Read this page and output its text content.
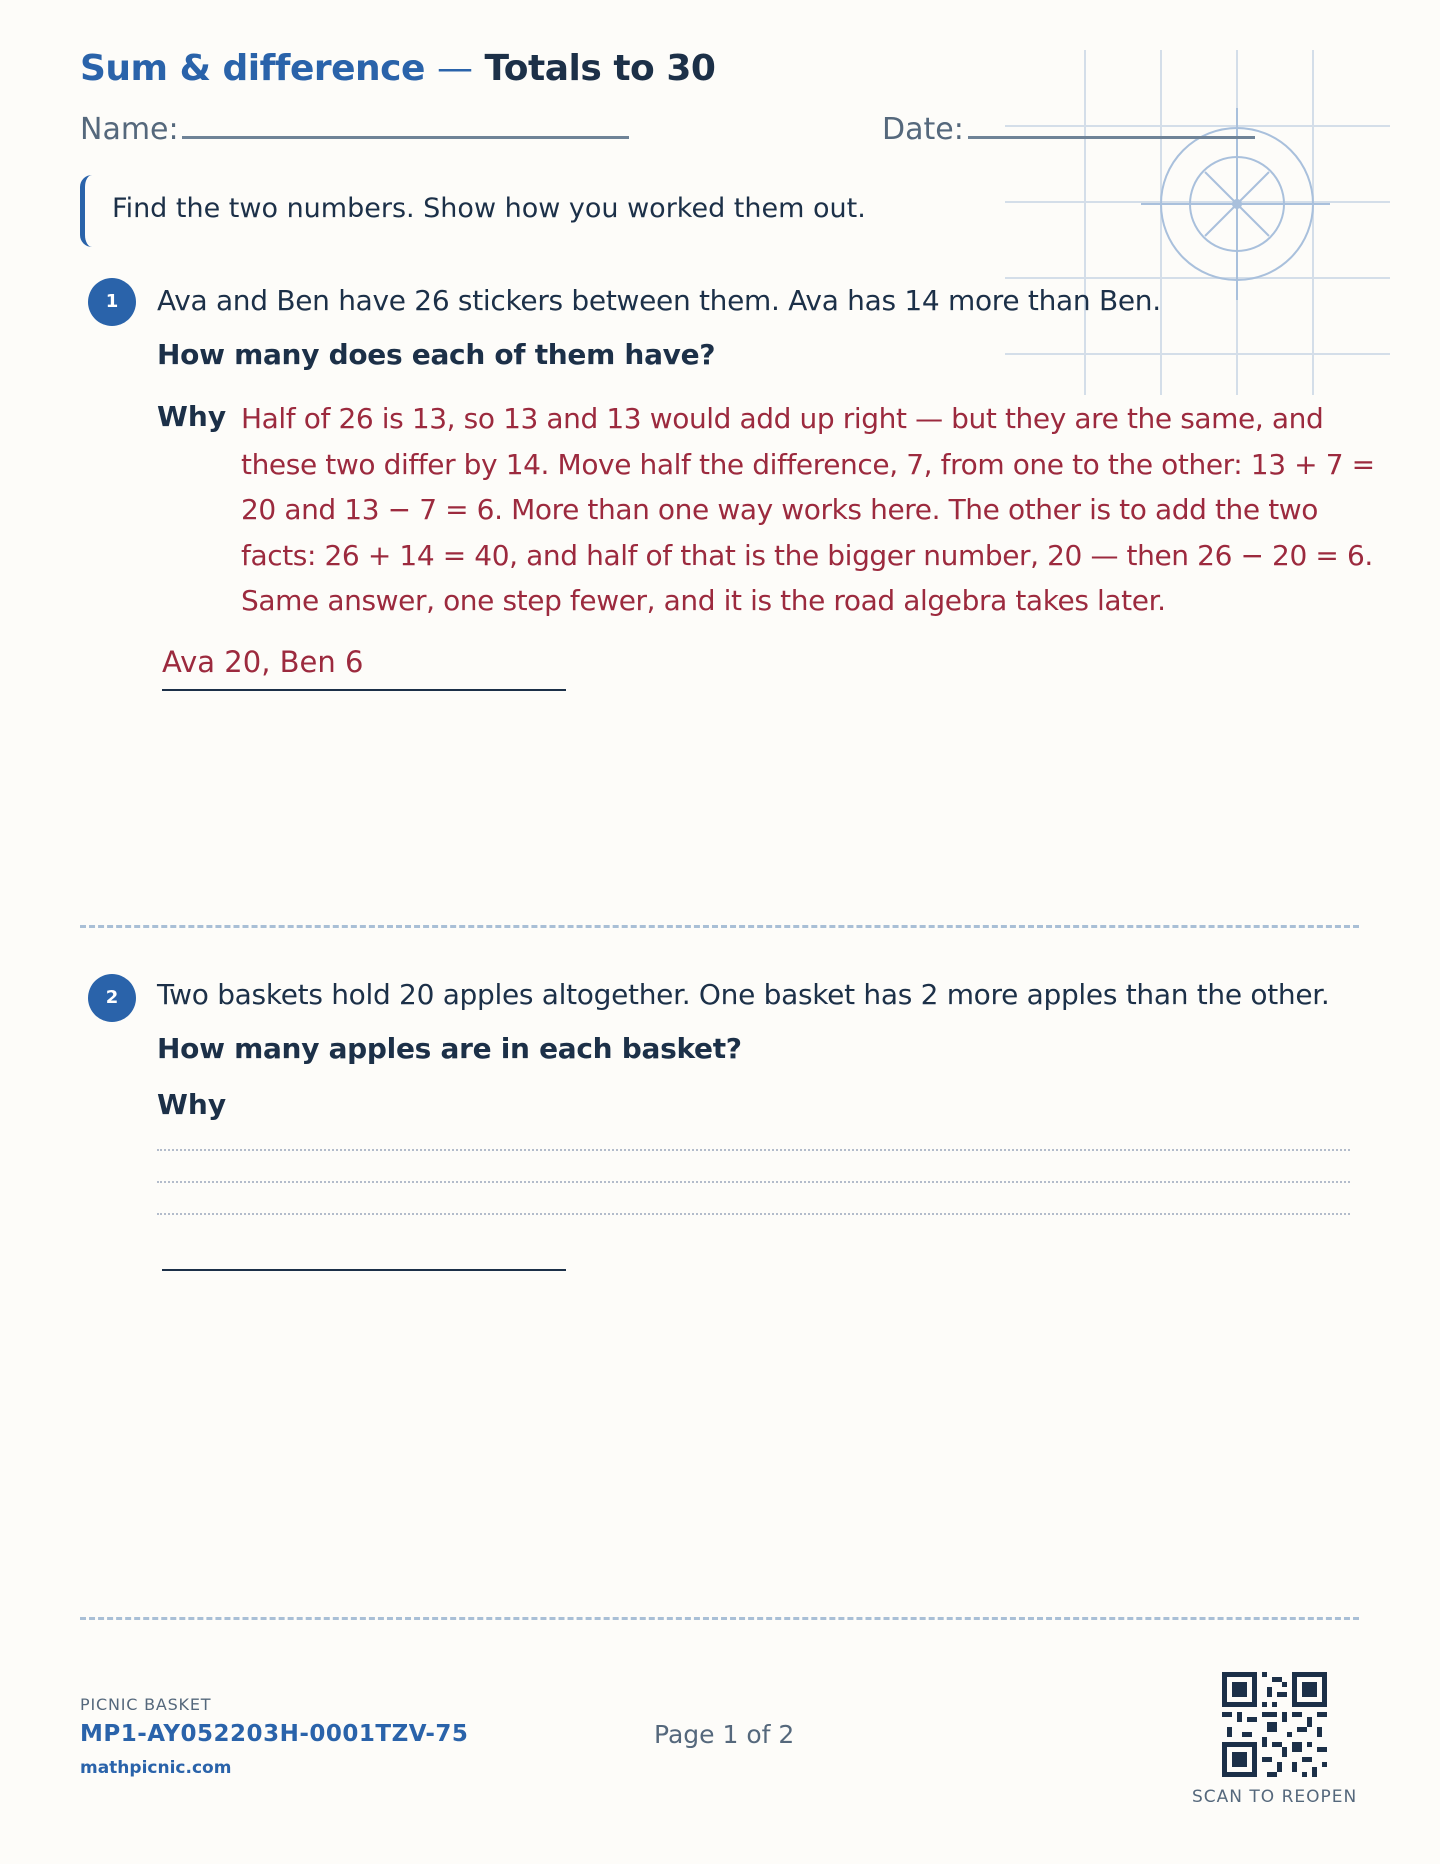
Sum & difference — Totals to 30
Name:	Date:
Find the two numbers. Show how you worked them out.
1	Ava and Ben have 26 stickers between them. Ava has 14 more than Ben.
How many does each of them have?
Why Half of 26 is 13, so 13 and 13 would add up right — but they are the same, and
these two differ by 14. Move half the difference, 7, from one to the other: 13 + 7 =
20 and 13 − 7 = 6. More than one way works here. The other is to add the two
facts: 26 + 14 = 40, and half of that is the bigger number, 20 — then 26 − 20 = 6.
Same answer, one step fewer, and it is the road algebra takes later.
Ava 20, Ben 6
2	Two baskets hold 20 apples altogether. One basket has 2 more apples than the other.
How many apples are in each basket?
Why
PICNIC BASKET
MP1-AY052203H-0001TZV-75
mathpicnic.com
Page 1 of 2
SCAN TO REOPEN
